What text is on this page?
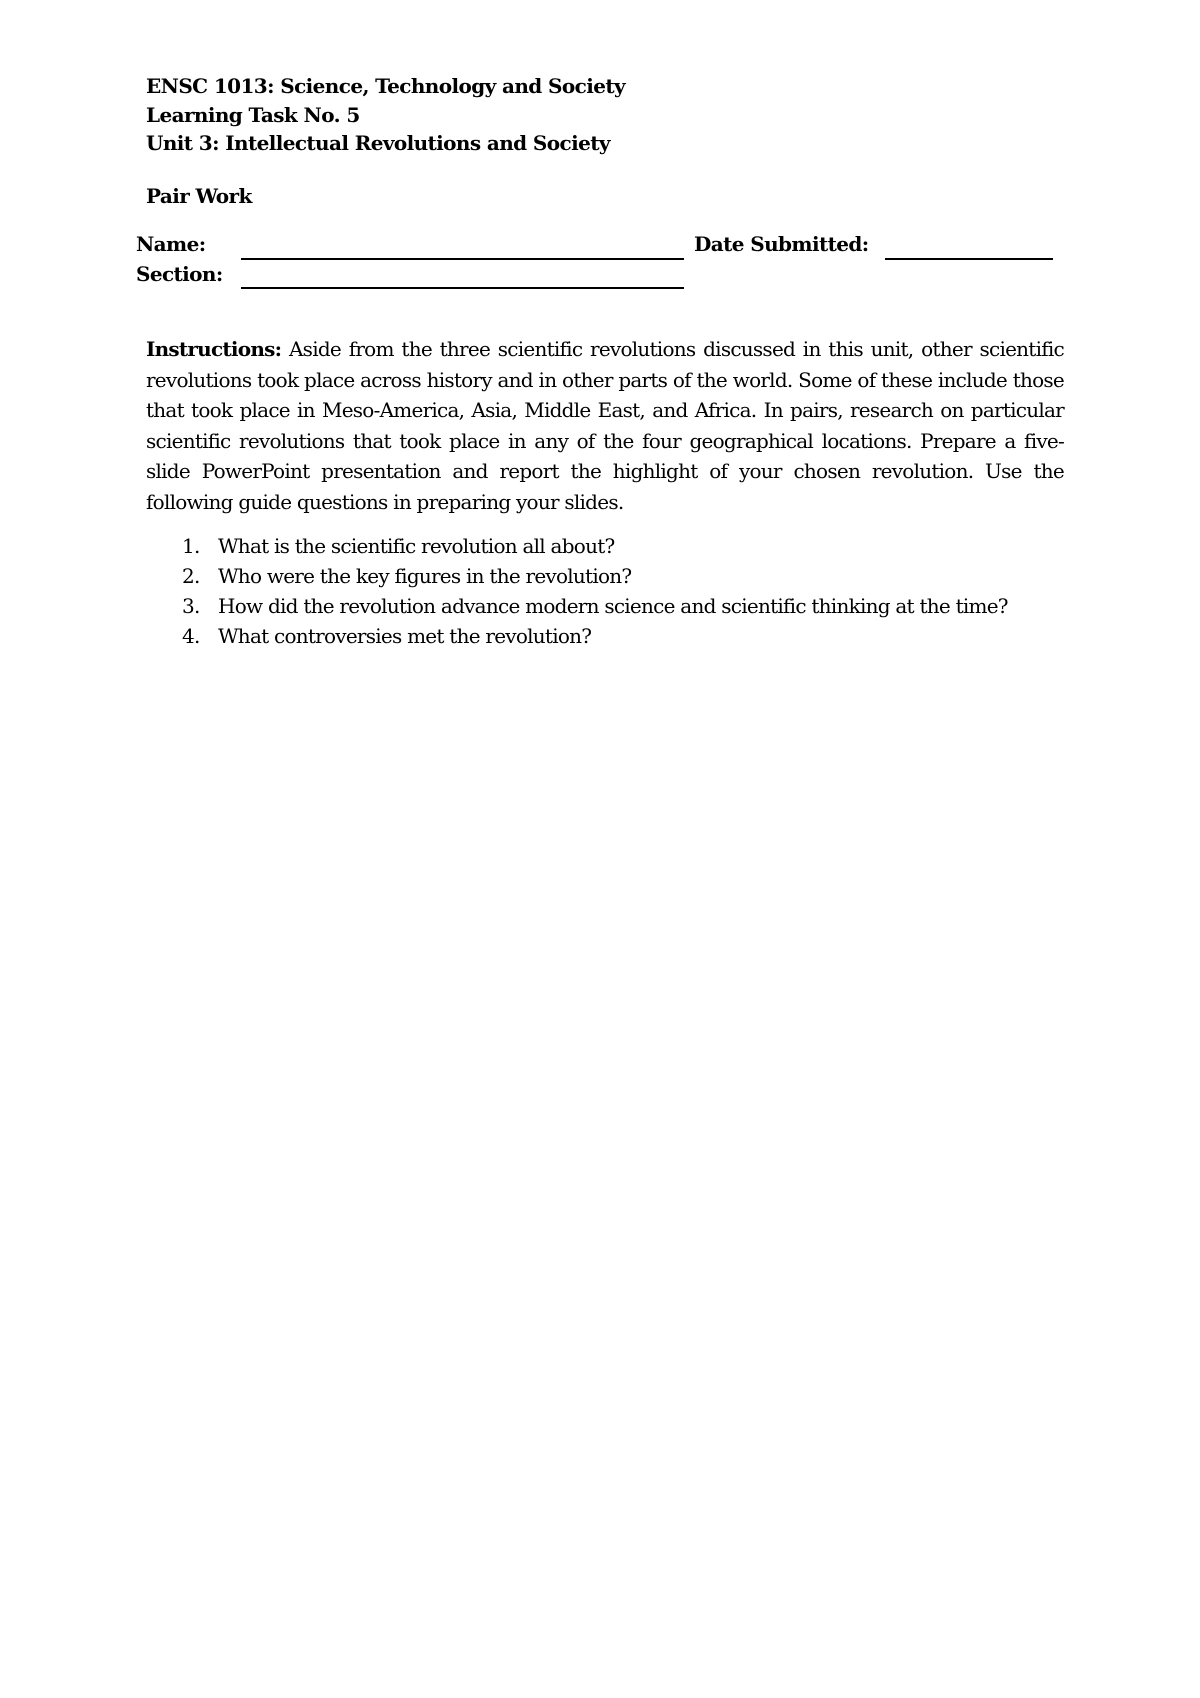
ENSC 1013: Science, Technology and Society
Learning Task No. 5
Unit 3: Intellectual Revolutions and Society
Pair Work
Name:	Date Submitted:
Section:
Instructions: Aside from the three scientific revolutions discussed in this unit, other scientific revolutions took place across history and in other parts of the world. Some of these include those that took place in Meso-America, Asia, Middle East, and Africa. In pairs, research on particular scientific revolutions that took place in any of the four geographical locations. Prepare a five-slide PowerPoint presentation and report the highlight of your chosen revolution. Use the following guide questions in preparing your slides.
1. What is the scientific revolution all about?
2. Who were the key figures in the revolution?
3. How did the revolution advance modern science and scientific thinking at the time?
4. What controversies met the revolution?
